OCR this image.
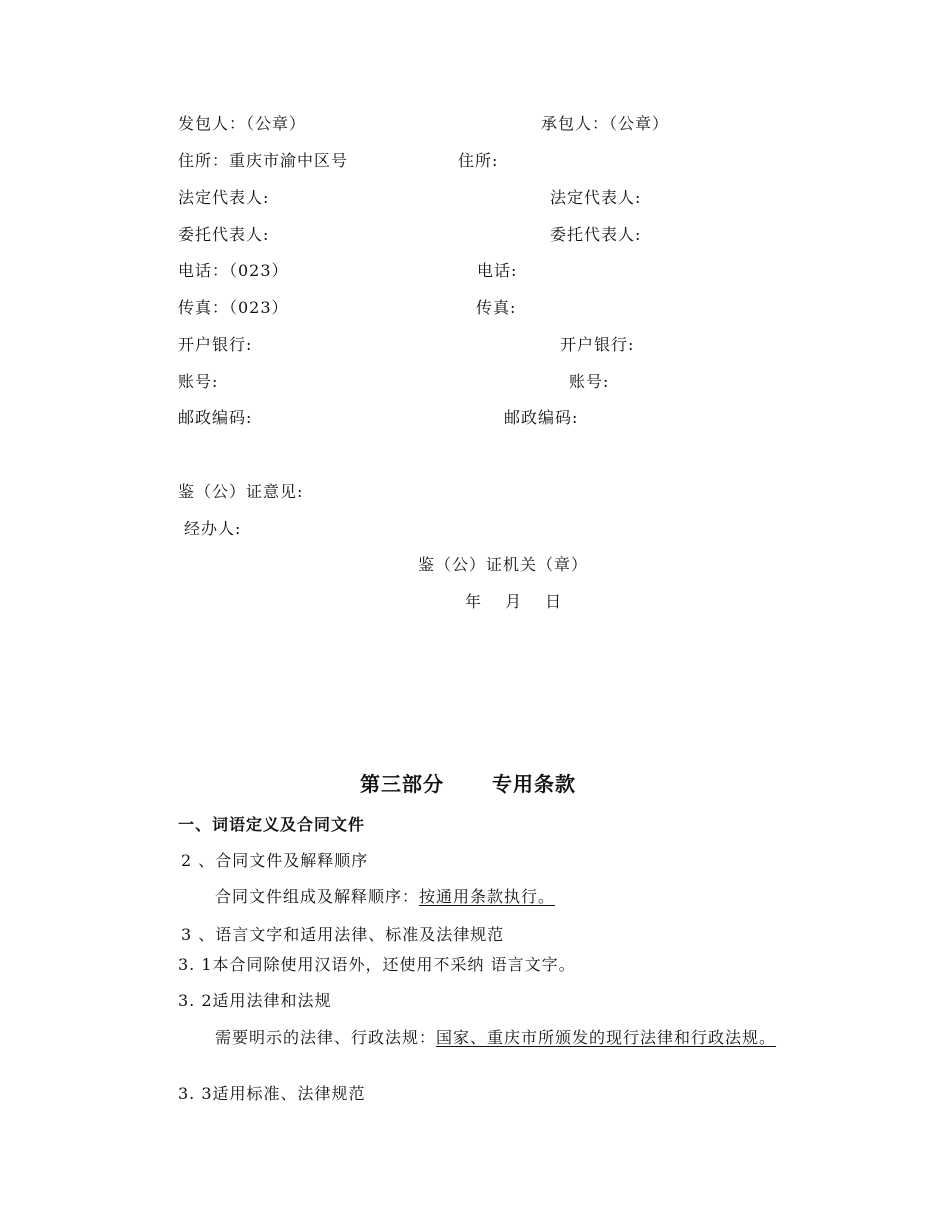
发包人：（公章）
住所：重庆市渝中区号
法定代表人:
委托代表人:
电话：（023）
传真：（023）
开户银行:
账号:
邮政编码:
承包人：（公章）
住所:
法定代表人:
委托代表人:
电话:
传真:
开户银行:
账号:
邮政编码:
鉴（公）证意见:
经办人:
鉴（公）证机关（章）
年　 月　 日
第三部分 专用条款
一、词语定义及合同文件
2 、合同文件及解释顺序
合同文件组成及解释顺序：按通用条款执行。
3 、语言文字和适用法律、标准及法律规范
3. 1本合同除使用汉语外，还使用不采纳 语言文字。
3. 2适用法律和法规
需要明示的法律、行政法规：国家、重庆市所颁发的现行法律和行政法规。
3. 3适用标准、法律规范
